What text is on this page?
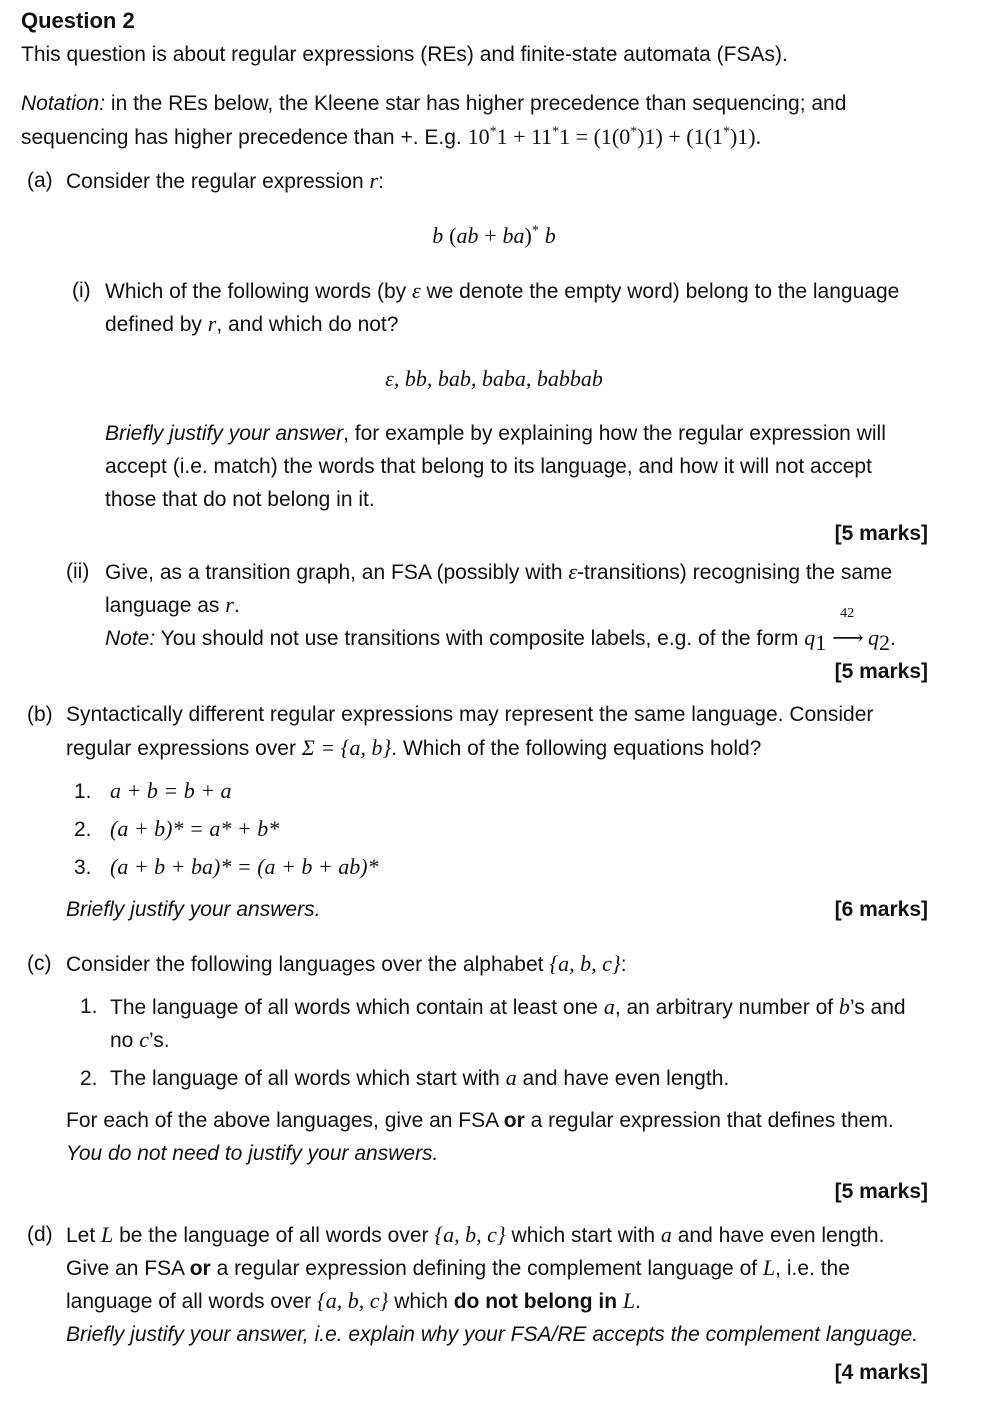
Question 2
This question is about regular expressions (REs) and finite-state automata (FSAs).
Notation: in the REs below, the Kleene star has higher precedence than sequencing; and
sequencing has higher precedence than +. E.g. 10*1 + 11*1 = (1(0*)1) + (1(1*)1).
(a) Consider the regular expression r:
b (ab + ba)* b
(i) Which of the following words (by ε we denote the empty word) belong to the language
defined by r, and which do not?
ε, bb, bab, baba, babbab
Briefly justify your answer, for example by explaining how the regular expression will
accept (i.e. match) the words that belong to its language, and how it will not accept
those that do not belong in it.
[5 marks]
(ii) Give, as a transition graph, an FSA (possibly with ε-transitions) recognising the same
language as r.
Note: You should not use transitions with composite labels, e.g. of the form $q_1$
42
⟶ $q_2$.
[5 marks]
(b) Syntactically different regular expressions may represent the same language. Consider
regular expressions over Σ = {a, b}. Which of the following equations hold?
1. a + b = b + a
2. (a + b)* = a* + b*
3. (a + b + ba)* = (a + b + ab)*
Briefly justify your answers.	[6 marks]
(c) Consider the following languages over the alphabet {a, b, c}:
1. The language of all words which contain at least one a, an arbitrary number of b’s and
no c’s.
2. The language of all words which start with a and have even length.
For each of the above languages, give an FSA or a regular expression that defines them.
You do not need to justify your answers.
[5 marks]
(d) Let L be the language of all words over {a, b, c} which start with a and have even length.
Give an FSA or a regular expression defining the complement language of L, i.e. the
language of all words over {a, b, c} which do not belong in L.
Briefly justify your answer, i.e. explain why your FSA/RE accepts the complement language.
[4 marks]
